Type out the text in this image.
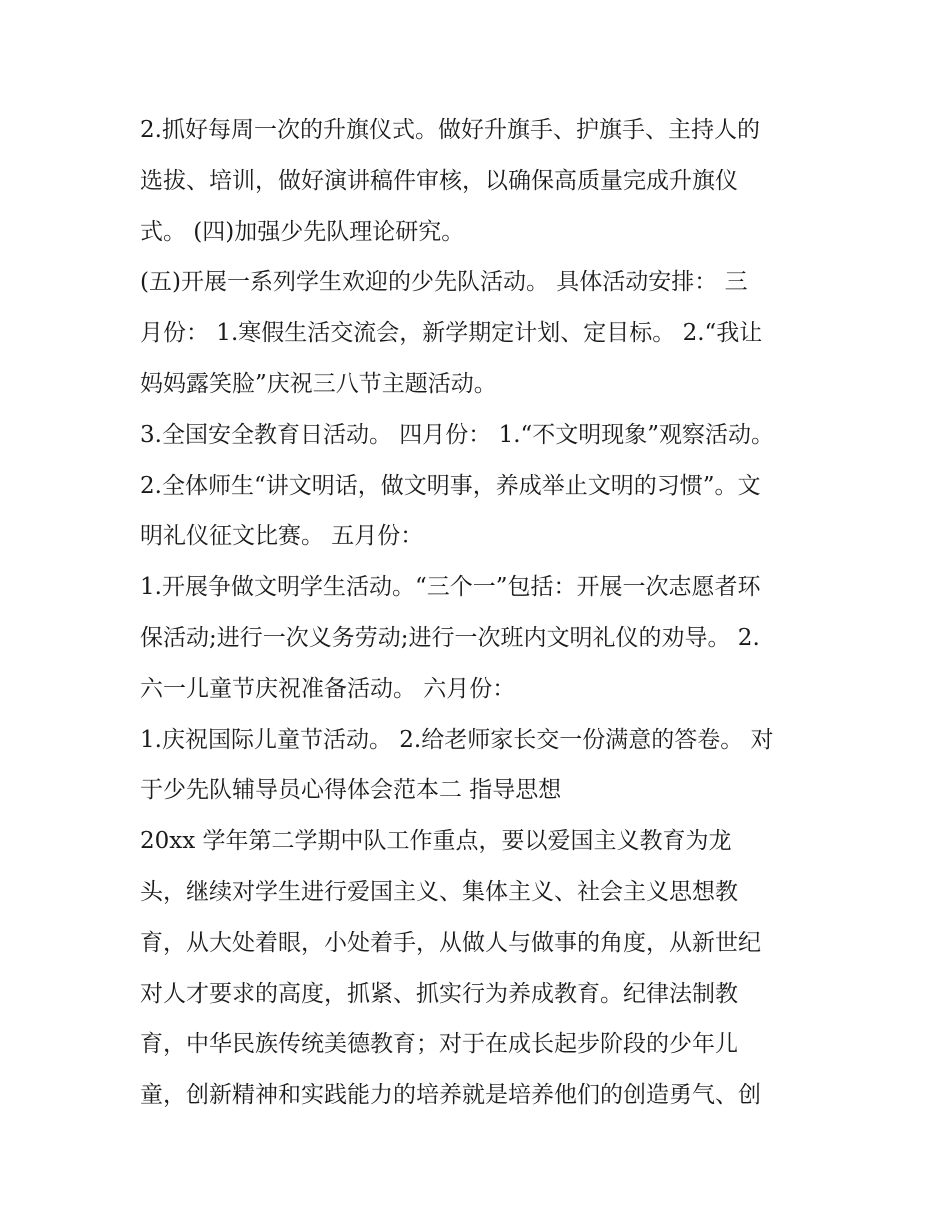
2.抓好每周一次的升旗仪式。做好升旗手、护旗手、主持人的
选拔、培训，做好演讲稿件审核，以确保高质量完成升旗仪
式。 (四)加强少先队理论研究。
(五)开展一系列学生欢迎的少先队活动。 具体活动安排： 三
月份： 1.寒假生活交流会，新学期定计划、定目标。 2.“我让
妈妈露笑脸”庆祝三八节主题活动。
3.全国安全教育日活动。 四月份： 1.“不文明现象”观察活动。
2.全体师生“讲文明话，做文明事，养成举止文明的习惯”。文
明礼仪征文比赛。 五月份：
1.开展争做文明学生活动。“三个一”包括：开展一次志愿者环
保活动;进行一次义务劳动;进行一次班内文明礼仪的劝导。 2.
六一儿童节庆祝准备活动。 六月份：
1.庆祝国际儿童节活动。 2.给老师家长交一份满意的答卷。 对
于少先队辅导员心得体会范本二 指导思想
20xx 学年第二学期中队工作重点，要以爱国主义教育为龙
头，继续对学生进行爱国主义、集体主义、社会主义思想教
育，从大处着眼，小处着手，从做人与做事的角度，从新世纪
对人才要求的高度，抓紧、抓实行为养成教育。纪律法制教
育，中华民族传统美德教育；对于在成长起步阶段的少年儿
童，创新精神和实践能力的培养就是培养他们的创造勇气、创
